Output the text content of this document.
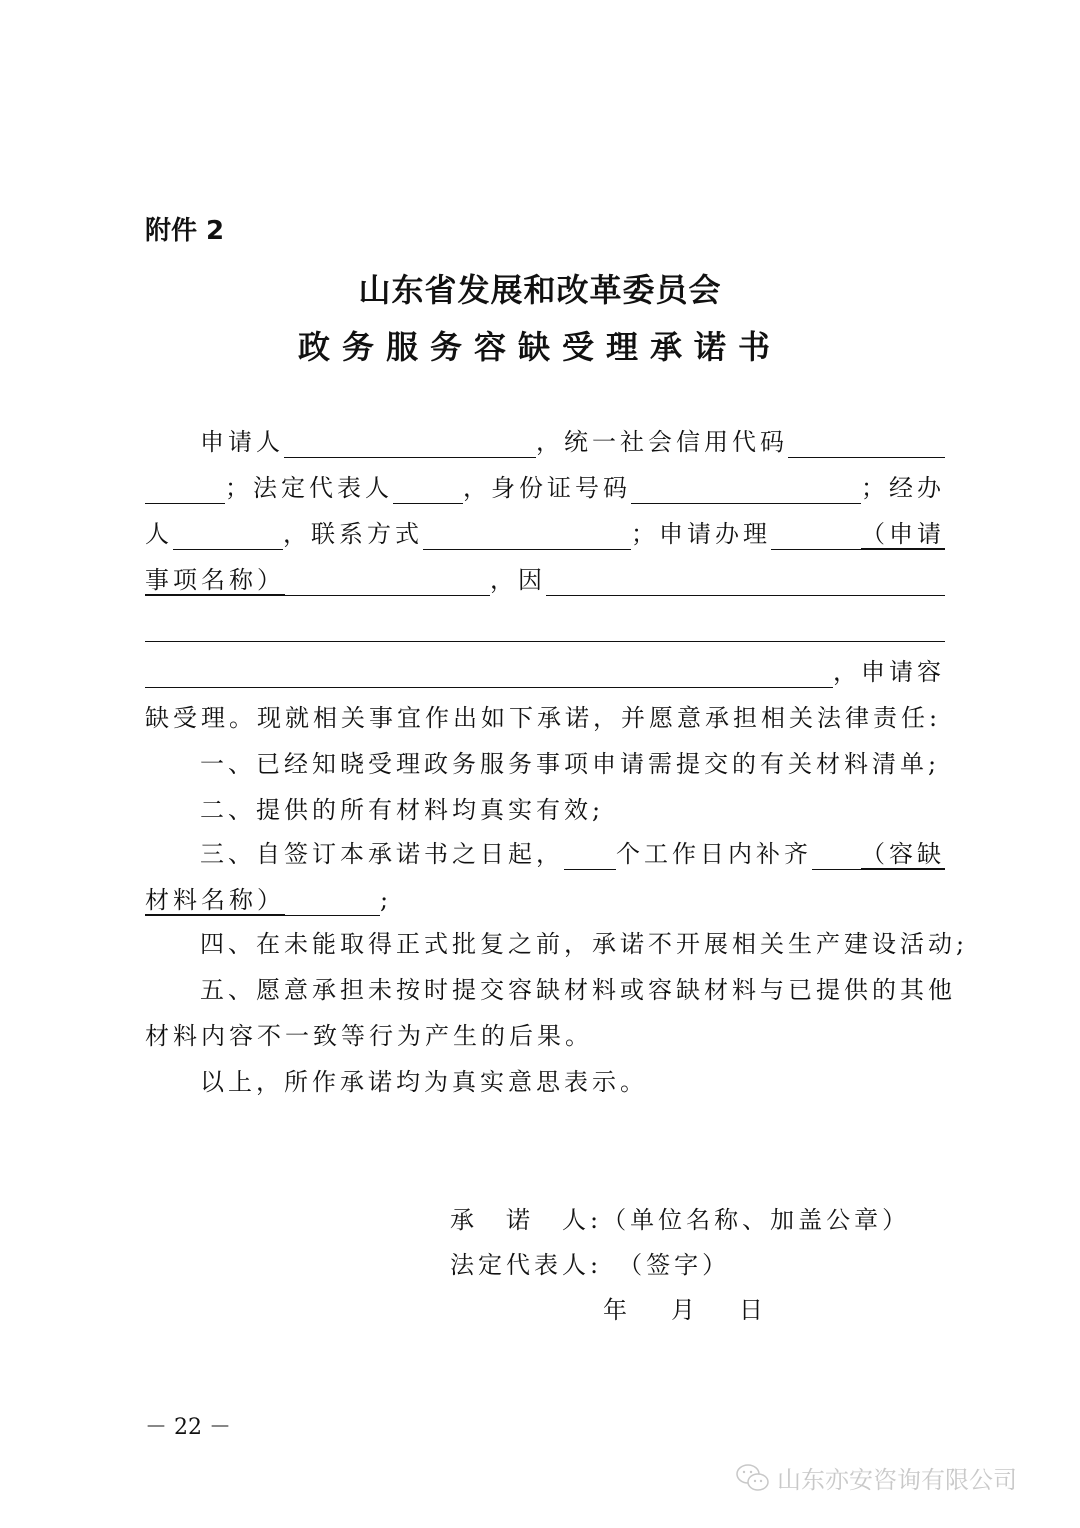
附件 2
山东省发展和改革委员会
政务服务容缺受理承诺书
申请人	，统一社会信用代码
；法定代表人	，身份证号码	；经办
人	，联系方式	；申请办理	（申请
事项名称）	，因
，申请容
缺受理。现就相关事宜作出如下承诺，并愿意承担相关法律责任:
一、已经知晓受理政务服务事项申请需提交的有关材料清单;
二、提供的所有材料均真实有效;
三、自签订本承诺书之日起， 个工作日内补齐 （容缺
材料名称）	;
四、在未能取得正式批复之前，承诺不开展相关生产建设活动;
五、愿意承担未按时提交容缺材料或容缺材料与已提供的其他
材料内容不一致等行为产生的后果。
以上，所作承诺均为真实意思表示。
承　诺　人:（单位名称、加盖公章）
法定代表人:　（签字）
年　月　日
－ 22 －
山东亦安咨询有限公司
